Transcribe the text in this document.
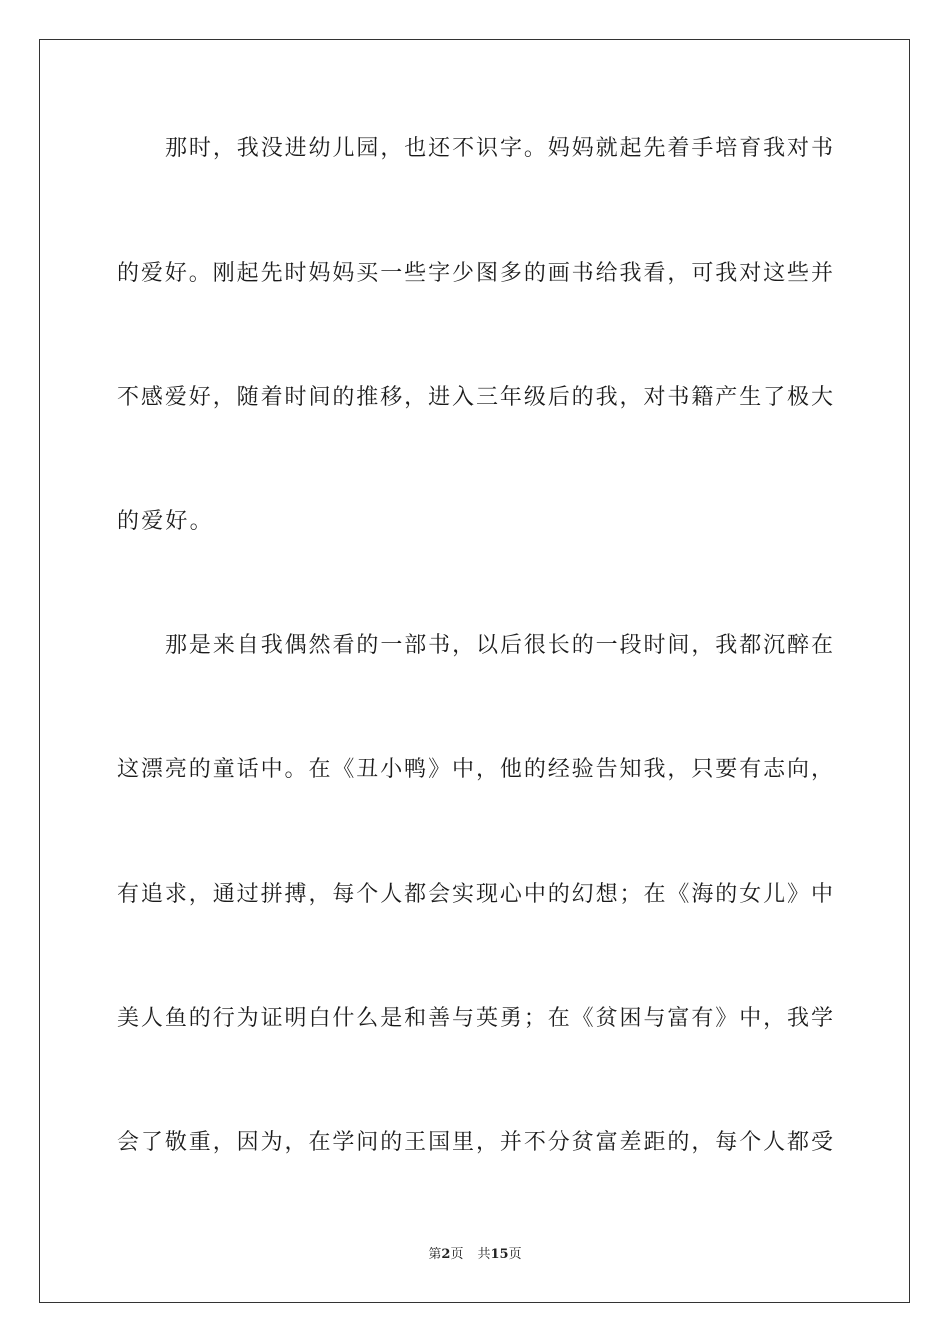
那时，我没进幼儿园，也还不识字。妈妈就起先着手培育我对书
的爱好。刚起先时妈妈买一些字少图多的画书给我看，可我对这些并
不感爱好，随着时间的推移，进入三年级后的我，对书籍产生了极大
的爱好。
那是来自我偶然看的一部书，以后很长的一段时间，我都沉醉在
这漂亮的童话中。在《丑小鸭》中，他的经验告知我，只要有志向，
有追求，通过拼搏，每个人都会实现心中的幻想；在《海的女儿》中
美人鱼的行为证明白什么是和善与英勇；在《贫困与富有》中，我学
会了敬重，因为，在学问的王国里，并不分贫富差距的，每个人都受
第2页 共15页
